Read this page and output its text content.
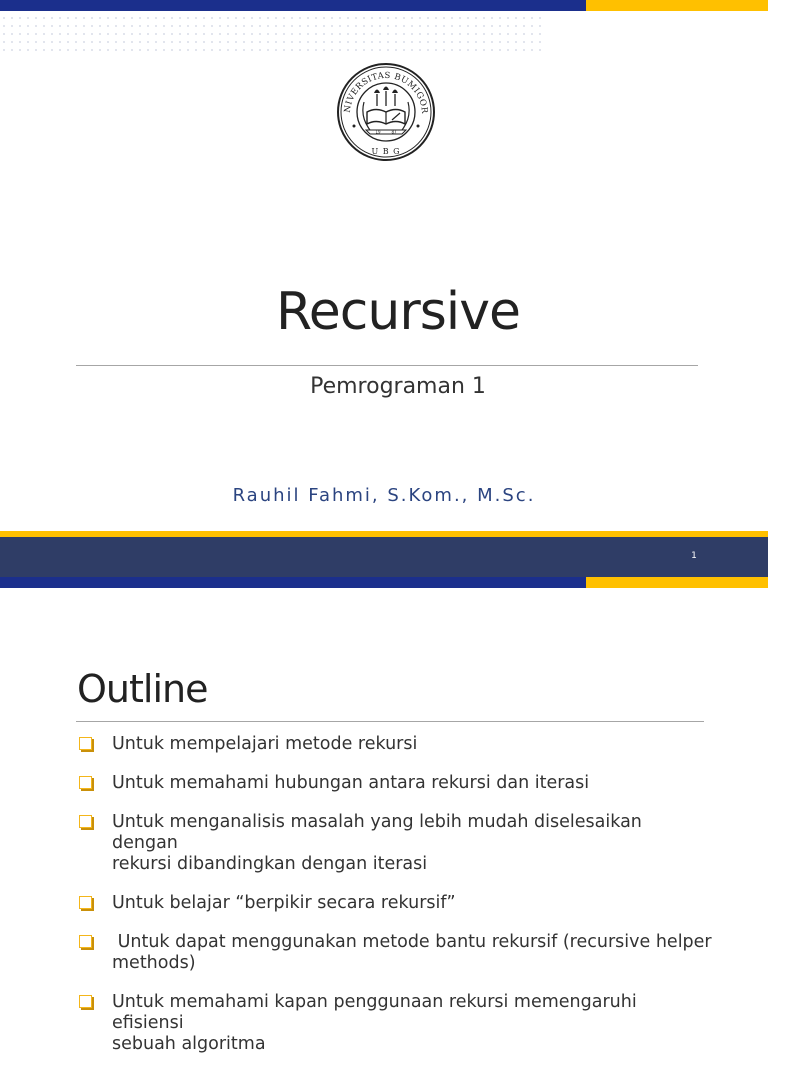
NIVERSITAS BUMIGOR
U B G
19	87
Recursive
Pemrograman 1
Rauhil Fahmi, S.Kom., M.Sc.
1
Outline
Untuk mempelajari metode rekursi
Untuk memahami hubungan antara rekursi dan iterasi
Untuk menganalisis masalah yang lebih mudah diselesaikan dengan
rekursi dibandingkan dengan iterasi
Untuk belajar “berpikir secara rekursif”
Untuk dapat menggunakan metode bantu rekursif (recursive helper
methods)
Untuk memahami kapan penggunaan rekursi memengaruhi efisiensi
sebuah algoritma
